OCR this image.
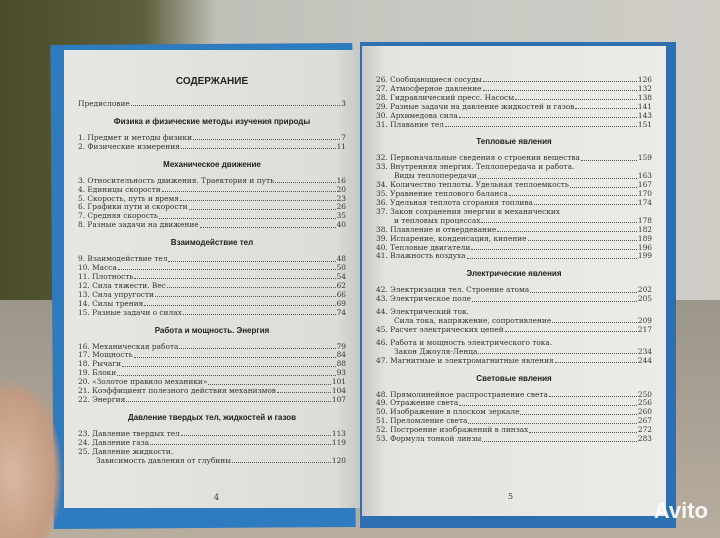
СОДЕРЖАНИЕ
Предисловие	3
Физика и физические методы изучения природы
1. Предмет и методы физики	7
2. Физические измерения	11
Механическое движение
3. Относительность движения. Траектория и путь	16
4. Единицы скорости	20
5. Скорость, путь и время	23
6. Графики пути и скорости	26
7. Средняя скорость	35
8. Разные задачи на движение	40
Взаимодействие тел
9. Взаимодействие тел	48
10. Масса	50
11. Плотность	54
12. Сила тяжести. Вес	62
13. Сила упругости	66
14. Силы трения	69
15. Разные задачи о силах	74
Работа и мощность. Энергия
16. Механическая работа	79
17. Мощность	84
18. Рычаги	88
19. Блоки	93
20. «Золотое правило механики»	101
21. Коэффициент полезного действия механизмов	104
22. Энергия	107
Давление твердых тел, жидкостей и газов
23. Давление твердых тел	113
24. Давление газа	119
25. Давление жидкости.
Зависимость давления от глубины	120
4
26. Сообщающиеся сосуды	126
27. Атмосферное давление	132
28. Гидравлический пресс. Насосы	138
29. Разные задачи на давление жидкостей и газов	141
30. Архимедова сила	143
31. Плавание тел	151
Тепловые явления
32. Первоначальные сведения о строении вещества	159
33. Внутренняя энергия. Теплопередача и работа.
Виды теплопередачи	163
34. Количество теплоты. Удельная теплоемкость	167
35. Уравнение теплового баланса	170
36. Удельная теплота сгорания топлива	174
37. Закон сохранения энергии в механических
и тепловых процессах	178
38. Плавление и отвердевание	182
39. Испарение, конденсация, кипение	189
40. Тепловые двигатели	196
41. Влажность воздуха	199
Электрические явления
42. Электризация тел. Строение атома	202
43. Электрическое поле	205
44. Электрический ток.
Сила тока, напряжение, сопротивление	209
45. Расчет электрических цепей	217
46. Работа и мощность электрического тока.
Закон Джоуля-Ленца	234
47. Магнитные и электромагнитные явления	244
Световые явления
48. Прямолинейное распространение света	250
49. Отражение света	256
50. Изображение в плоском зеркале	260
51. Преломление света	267
52. Построение изображений в линзах	272
53. Формула тонкой линзы	283
5
Avito
